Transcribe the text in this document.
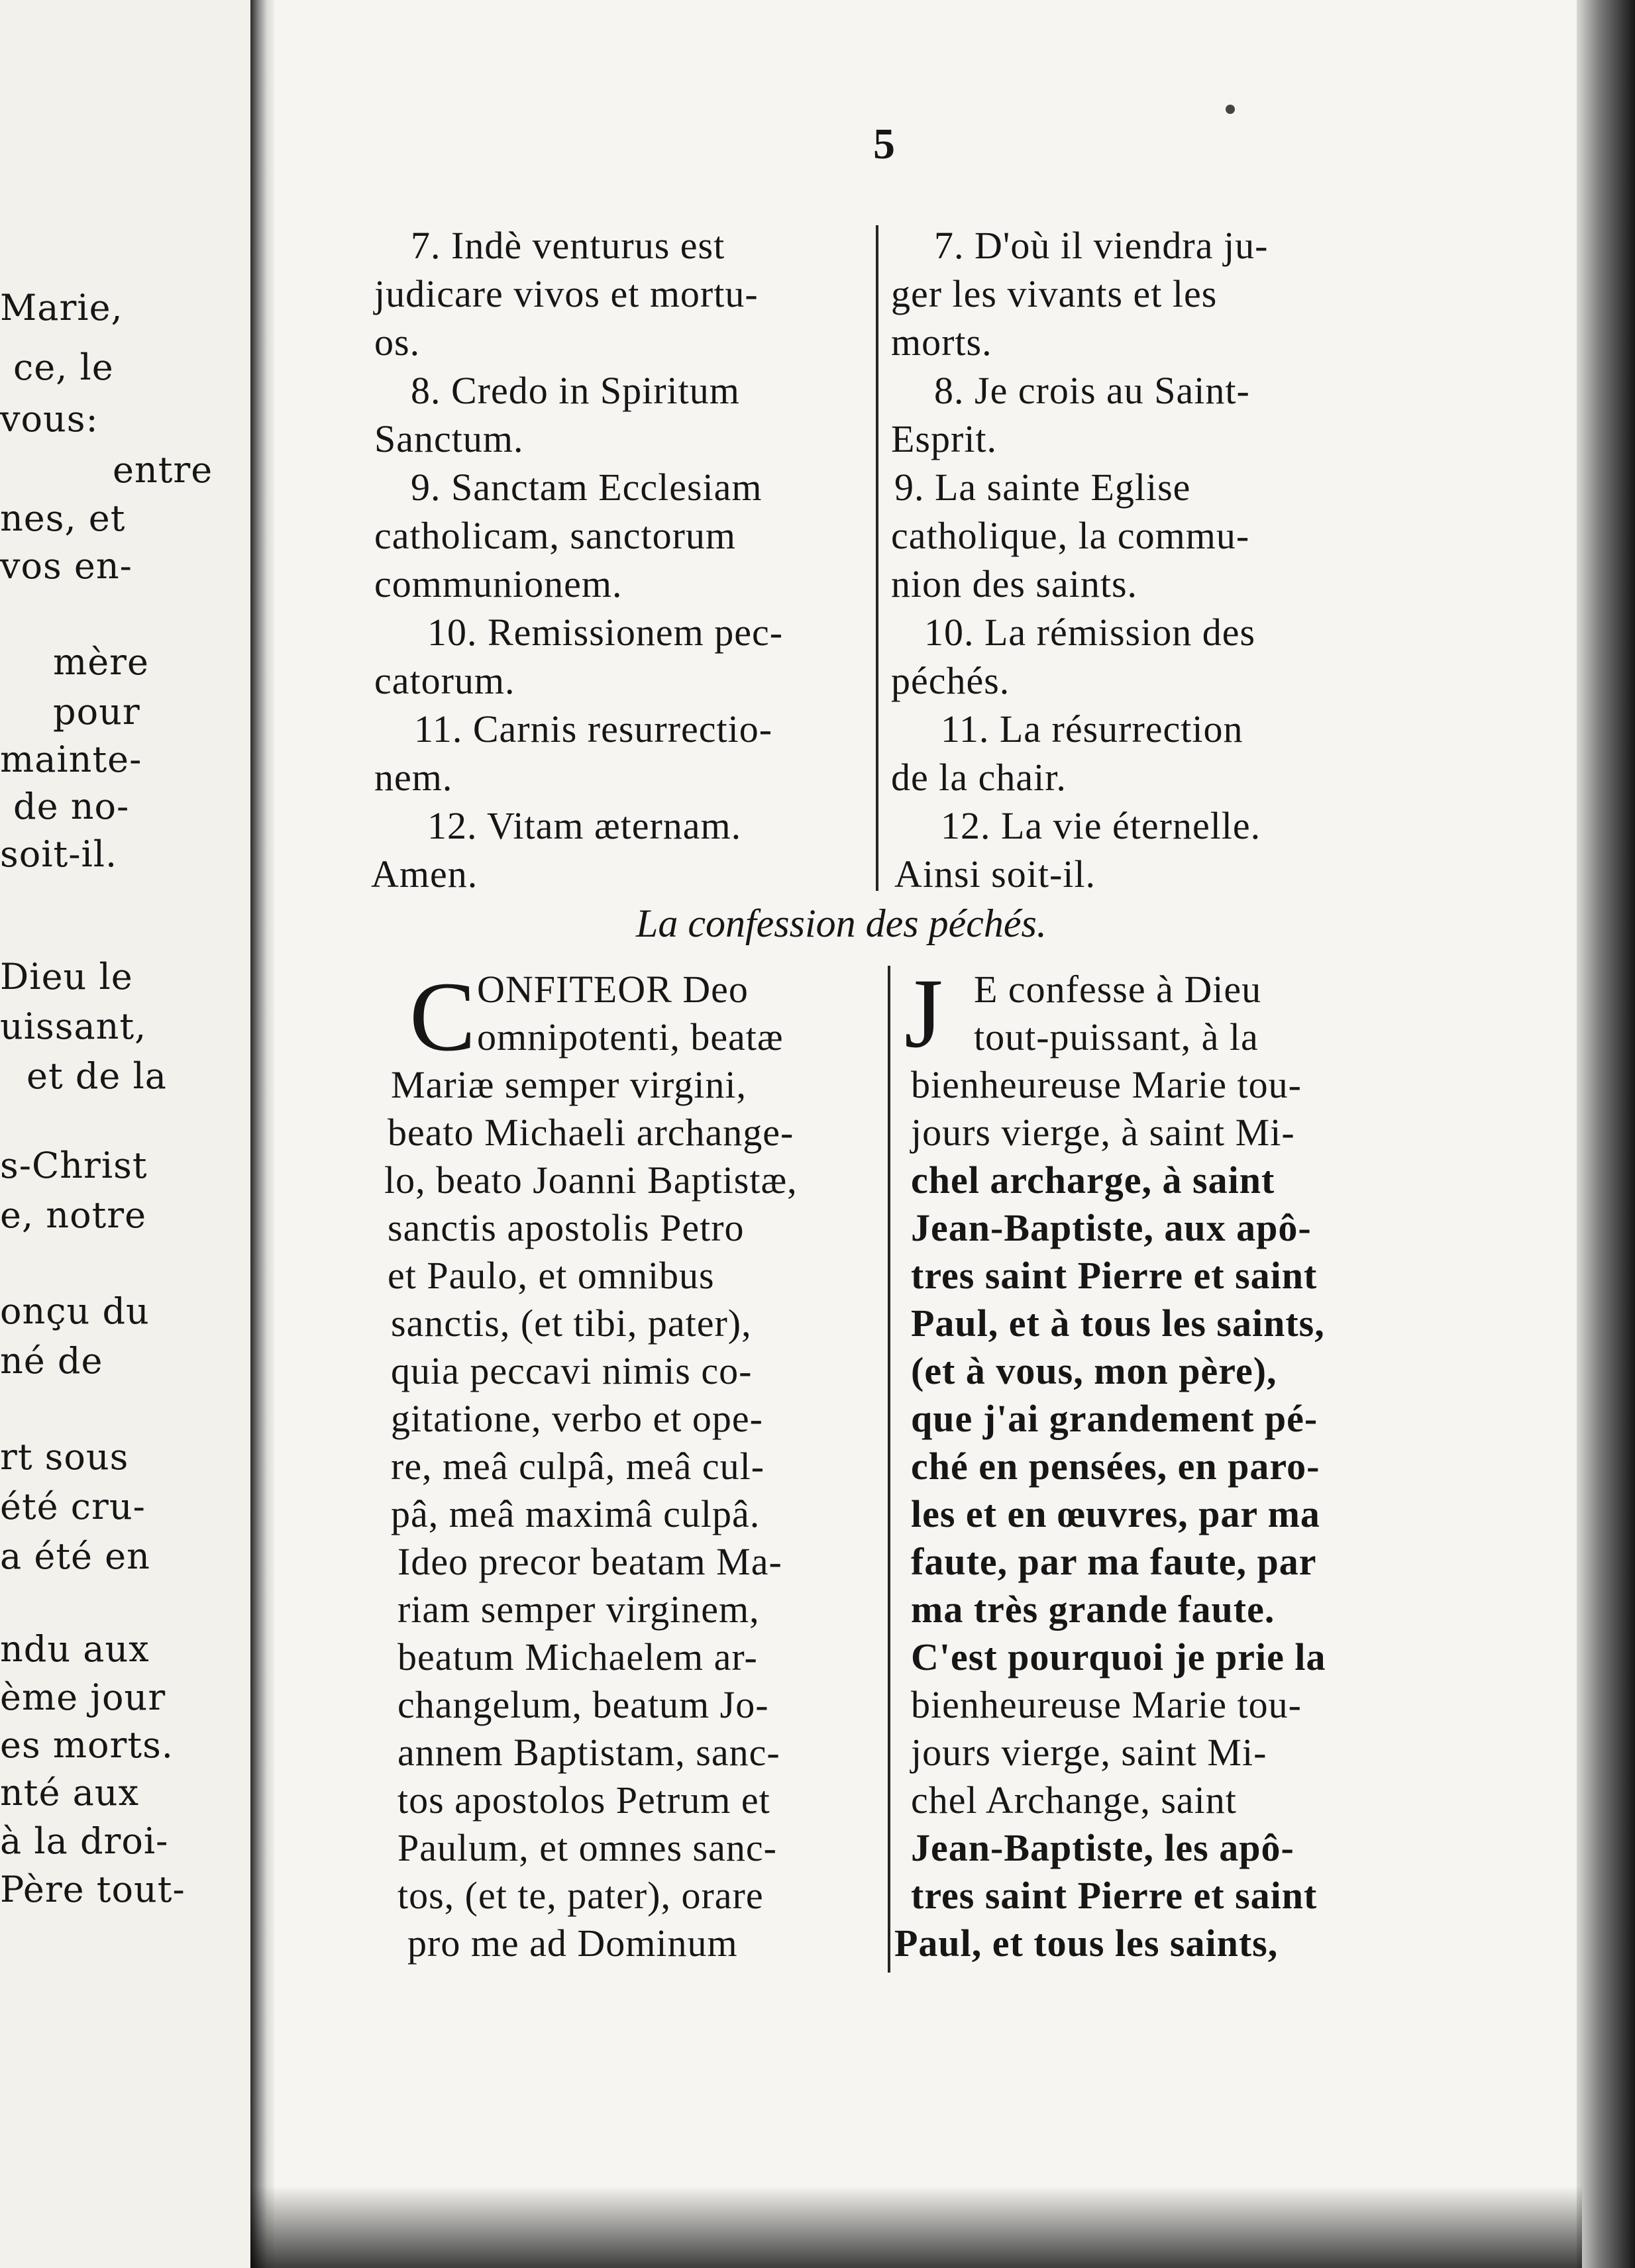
Marie,
ce, le
vous:
entre
nes, et
vos en-
mère
pour
mainte-
de no-
soit-il.
Dieu le
uissant,
et de la
s-Christ
e, notre
onçu du
né de
rt sous
été cru-
a été en
ndu aux
ème jour
es morts.
nté aux
à la droi-
Père tout-
5
7. Indè venturus est
judicare vivos et mortu-
os.
8. Credo in Spiritum
Sanctum.
9. Sanctam Ecclesiam
catholicam, sanctorum
communionem.
10. Remissionem pec-
catorum.
11. Carnis resurrectio-
nem.
12. Vitam æternam.
Amen.
7. D'où il viendra ju-
ger les vivants et les
morts.
8. Je crois au Saint-
Esprit.
9. La sainte Eglise
catholique, la commu-
nion des saints.
10. La rémission des
péchés.
11. La résurrection
de la chair.
12. La vie éternelle.
Ainsi soit-il.
La confession des péchés.
C ONFITEOR Deo
omnipotenti, beatæ
Mariæ semper virgini,
beato Michaeli archange-
lo, beato Joanni Baptistæ,
sanctis apostolis Petro
et Paulo, et omnibus
sanctis, (et tibi, pater),
quia peccavi nimis co-
gitatione, verbo et ope-
re, meâ culpâ, meâ cul-
pâ, meâ maximâ culpâ.
Ideo precor beatam Ma-
riam semper virginem,
beatum Michaelem ar-
changelum, beatum Jo-
annem Baptistam, sanc-
tos apostolos Petrum et
Paulum, et omnes sanc-
tos, (et te, pater), orare
pro me ad Dominum
J E confesse à Dieu
tout-puissant, à la
bienheureuse Marie tou-
jours vierge, à saint Mi-
chel archarge, à saint
Jean-Baptiste, aux apô-
tres saint Pierre et saint
Paul, et à tous les saints,
(et à vous, mon père),
que j'ai grandement pé-
ché en pensées, en paro-
les et en œuvres, par ma
faute, par ma faute, par
ma très grande faute.
C'est pourquoi je prie la
bienheureuse Marie tou-
jours vierge, saint Mi-
chel Archange, saint
Jean-Baptiste, les apô-
tres saint Pierre et saint
Paul, et tous les saints,
